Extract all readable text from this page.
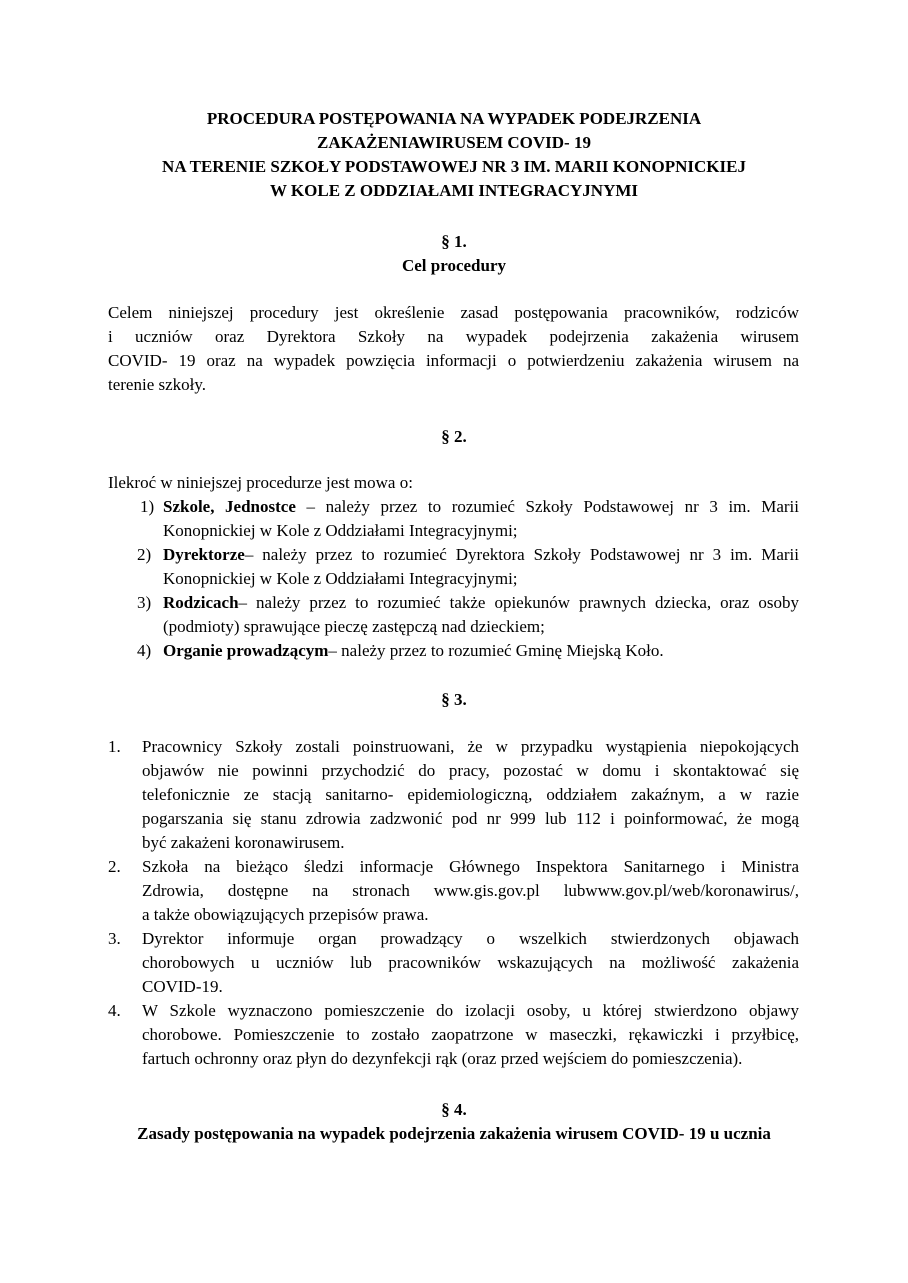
PROCEDURA POSTĘPOWANIA NA WYPADEK PODEJRZENIA
ZAKAŻENIAWIRUSEM COVID- 19
NA TERENIE SZKOŁY PODSTAWOWEJ NR 3 IM. MARII KONOPNICKIEJ
W KOLE Z ODDZIAŁAMI INTEGRACYJNYMI
§ 1.
Cel procedury
Celem niniejszej procedury jest określenie zasad postępowania pracowników, rodziców
i uczniów oraz Dyrektora Szkoły na wypadek podejrzenia zakażenia wirusem
COVID- 19 oraz na wypadek powzięcia informacji o potwierdzeniu zakażenia wirusem na
terenie szkoły.
§ 2.
Ilekroć w niniejszej procedurze jest mowa o:
1) Szkole, Jednostce – należy przez to rozumieć Szkoły Podstawowej nr 3 im. Marii
Konopnickiej w Kole z Oddziałami Integracyjnymi;
2) Dyrektorze– należy przez to rozumieć Dyrektora Szkoły Podstawowej nr 3 im. Marii
Konopnickiej w Kole z Oddziałami Integracyjnymi;
3) Rodzicach– należy przez to rozumieć także opiekunów prawnych dziecka, oraz osoby
(podmioty) sprawujące pieczę zastępczą nad dzieckiem;
4) Organie prowadzącym– należy przez to rozumieć Gminę Miejską Koło.
§ 3.
1. Pracownicy Szkoły zostali poinstruowani, że w przypadku wystąpienia niepokojących
objawów nie powinni przychodzić do pracy, pozostać w domu i skontaktować się
telefonicznie ze stacją sanitarno- epidemiologiczną, oddziałem zakaźnym, a w razie
pogarszania się stanu zdrowia zadzwonić pod nr 999 lub 112 i poinformować, że mogą
być zakażeni koronawirusem.
2. Szkoła na bieżąco śledzi informacje Głównego Inspektora Sanitarnego i Ministra
Zdrowia, dostępne na stronach www.gis.gov.pl lubwww.gov.pl/web/koronawirus/,
a także obowiązujących przepisów prawa.
3. Dyrektor informuje organ prowadzący o wszelkich stwierdzonych objawach
chorobowych u uczniów lub pracowników wskazujących na możliwość zakażenia
COVID-19.
4. W Szkole wyznaczono pomieszczenie do izolacji osoby, u której stwierdzono objawy
chorobowe. Pomieszczenie to zostało zaopatrzone w maseczki, rękawiczki i przyłbicę,
fartuch ochronny oraz płyn do dezynfekcji rąk (oraz przed wejściem do pomieszczenia).
§ 4.
Zasady postępowania na wypadek podejrzenia zakażenia wirusem COVID- 19 u ucznia
